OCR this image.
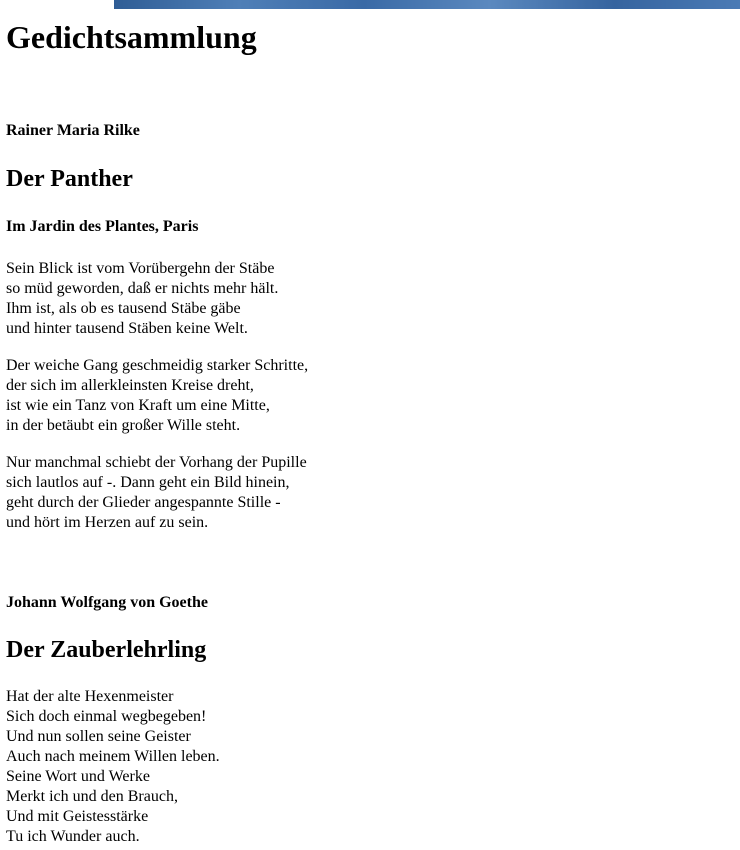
Gedichtsammlung
Rainer Maria Rilke
Der Panther
Im Jardin des Plantes, Paris

Sein Blick ist vom Vorübergehn der Stäbe
so müd geworden, daß er nichts mehr hält.
Ihm ist, als ob es tausend Stäbe gäbe
und hinter tausend Stäben keine Welt.

Der weiche Gang geschmeidig starker Schritte,
der sich im allerkleinsten Kreise dreht,
ist wie ein Tanz von Kraft um eine Mitte,
in der betäubt ein großer Wille steht.

Nur manchmal schiebt der Vorhang der Pupille
sich lautlos auf -. Dann geht ein Bild hinein,
geht durch der Glieder angespannte Stille -
und hört im Herzen auf zu sein.

Johann Wolfgang von Goethe
Der Zauberlehrling

Hat der alte Hexenmeister
Sich doch einmal wegbegeben!
Und nun sollen seine Geister
Auch nach meinem Willen leben.
Seine Wort und Werke
Merkt ich und den Brauch,
Und mit Geistesstärke
Tu ich Wunder auch.
